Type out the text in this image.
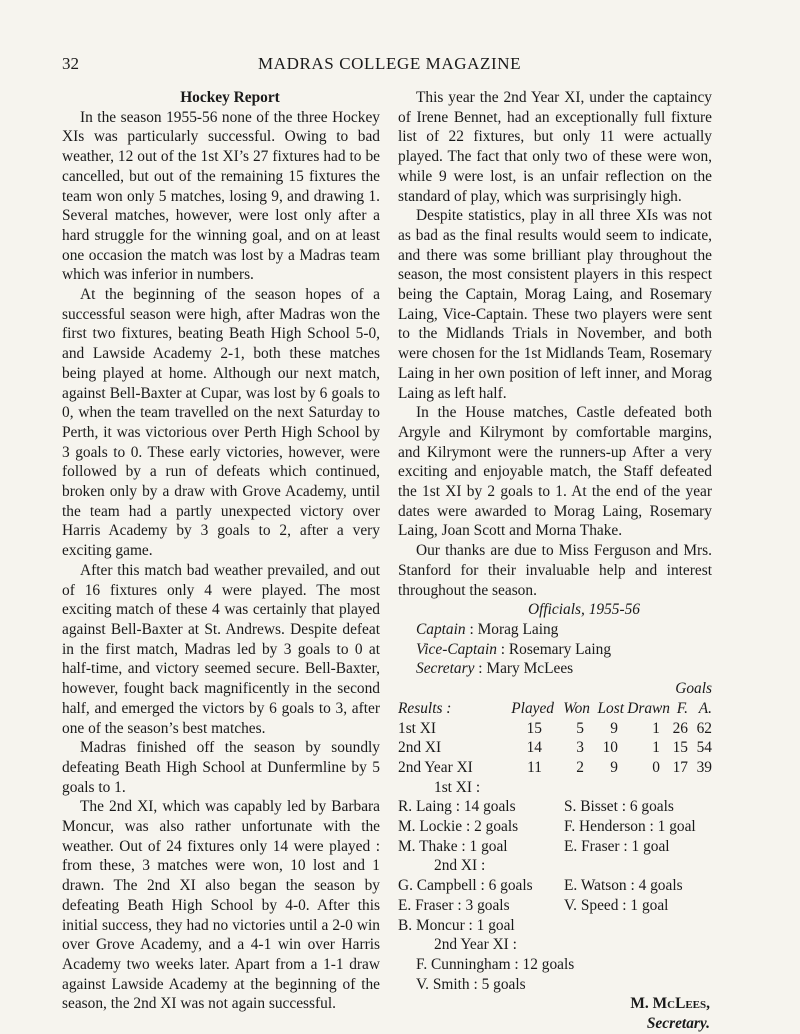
32	MADRAS COLLEGE MAGAZINE

Hockey Report

In the season 1955-56 none of the three Hockey XIs was particularly successful. Owing to bad weather, 12 out of the 1st XI’s 27 fixtures had to be cancelled, but out of the remaining 15 fixtures the team won only 5 matches, losing 9, and drawing 1. Several matches, however, were lost only after a hard struggle for the winning goal, and on at least one occasion the match was lost by a Madras team which was inferior in numbers.

At the beginning of the season hopes of a successful season were high, after Madras won the first two fixtures, beating Beath High School 5-0, and Lawside Academy 2-1, both these matches being played at home. Although our next match, against Bell-Baxter at Cupar, was lost by 6 goals to 0, when the team travelled on the next Saturday to Perth, it was victorious over Perth High School by 3 goals to 0. These early victories, however, were followed by a run of defeats which continued, broken only by a draw with Grove Academy, until the team had a partly unexpected victory over Harris Academy by 3 goals to 2, after a very exciting game.

After this match bad weather prevailed, and out of 16 fixtures only 4 were played. The most exciting match of these 4 was certainly that played against Bell-Baxter at St. Andrews. Despite defeat in the first match, Madras led by 3 goals to 0 at half-time, and victory seemed secure. Bell-Baxter, however, fought back magnificently in the second half, and emerged the victors by 6 goals to 3, after one of the season’s best matches.

Madras finished off the season by soundly defeating Beath High School at Dunfermline by 5 goals to 1.

The 2nd XI, which was capably led by Barbara Moncur, was also rather unfortunate with the weather. Out of 24 fixtures only 14 were played : from these, 3 matches were won, 10 lost and 1 drawn. The 2nd XI also began the season by defeating Beath High School by 4-0. After this initial success, they had no victories until a 2-0 win over Grove Academy, and a 4-1 win over Harris Academy two weeks later. Apart from a 1-1 draw against Lawside Academy at the beginning of the season, the 2nd XI was not again successful.

This year the 2nd Year XI, under the captaincy of Irene Bennet, had an exceptionally full fixture list of 22 fixtures, but only 11 were actually played. The fact that only two of these were won, while 9 were lost, is an unfair reflection on the standard of play, which was surprisingly high.

Despite statistics, play in all three XIs was not as bad as the final results would seem to indicate, and there was some brilliant play throughout the season, the most consistent players in this respect being the Captain, Morag Laing, and Rosemary Laing, Vice-Captain. These two players were sent to the Midlands Trials in November, and both were chosen for the 1st Midlands Team, Rosemary Laing in her own position of left inner, and Morag Laing as left half.

In the House matches, Castle defeated both Argyle and Kilrymont by comfortable margins, and Kilrymont were the runners-up After a very exciting and enjoyable match, the Staff defeated the 1st XI by 2 goals to 1. At the end of the year dates were awarded to Morag Laing, Rosemary Laing, Joan Scott and Morna Thake.

Our thanks are due to Miss Ferguson and Mrs. Stanford for their invaluable help and interest throughout the season.

Officials, 1955-56

Captain : Morag Laing

Vice-Captain : Rosemary Laing

Secretary : Mary McLees

Goals

Results :	Played	Won	Lost	Drawn	F.	A.
1st XI	15	5	9	1	26	62
2nd XI	14	3	10	1	15	54
2nd Year XI	11	2	9	0	17	39

1st XI :

R. Laing : 14 goals	S. Bisset : 6 goals
M. Lockie : 2 goals	F. Henderson : 1 goal
M. Thake : 1 goal	E. Fraser : 1 goal

2nd XI :

G. Campbell : 6 goals	E. Watson : 4 goals
E. Fraser : 3 goals	V. Speed : 1 goal
B. Moncur : 1 goal

2nd Year XI :

F. Cunningham : 12 goals

V. Smith : 5 goals

M. McLees,

Secretary.
